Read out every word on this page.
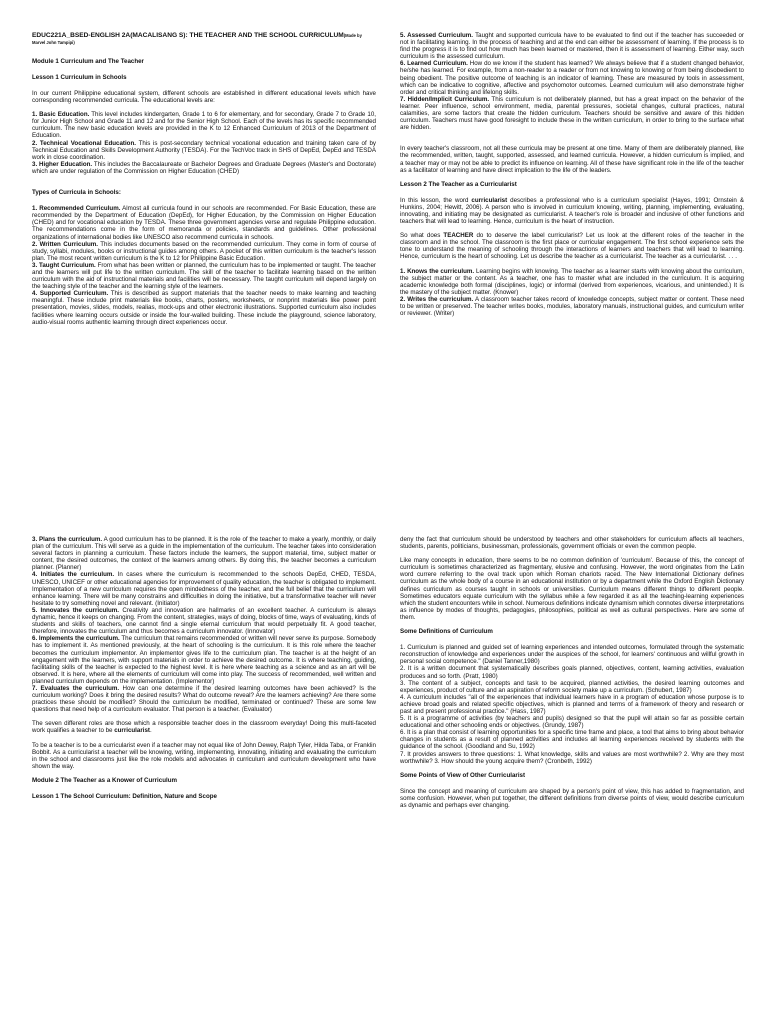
EDUC221A_BSED-ENGLISH 2A(MACALISANG S): THE TEACHER AND THE SCHOOL CURRICULUM(Made by Marvel John Tampipi)
Module 1 Curriculum and The Teacher
Lesson 1 Curriculum in Schools

In our current Philippine educational system, different schools are established in different educational levels which have corresponding recommended curricula. The educational levels are:

1. Basic Education. This level includes kindergarten, Grade 1 to 6 for elementary, and for secondary, Grade 7 to Grade 10, for Junior High School and Grade 11 and 12 and for the Senior High School. Each of the levels has its specific recommended curriculum. The new basic education levels are provided in the K to 12 Enhanced Curriculum of 2013 of the Department of Education.

2. Technical Vocational Education. This is post-secondary technical vocational education and training taken care of by Technical Education and Skills Development Authority (TESDA). For the TechVoc track in SHS of DepEd, DepEd and TESDA work in close coordination.

3. Higher Education. This includes the Baccalaureate or Bachelor Degrees and Graduate Degrees (Master's and Doctorate) which are under regulation of the Commission on Higher Education (CHED)

Types of Curricula in Schools:

1. Recommended Curriculum. Almost all curricula found in our schools are recommended. For Basic Education, these are recommended by the Department of Education (DepEd), for Higher Education, by the Commission on Higher Education (CHED) and for vocational education by TESDA. These three government agencies verse and regulate Philippine education. The recommendations come in the form of memoranda or policies, standards and guidelines. Other professional organizations of international bodies like UNESCO also recommend curricula in schools.

2. Written Curriculum. This includes documents based on the recommended curriculum. They come in form of course of study, syllabi, modules, books or instructional guides among others. A pocket of this written curriculum is the teacher's lesson plan. The most recent written curriculum is the K to 12 for Philippine Basic Education.

3. Taught Curriculum. From what has been written or planned, the curriculum has to be implemented or taught. The teacher and the learners will put life to the written curriculum. The skill of the teacher to facilitate learning based on the written curriculum with the aid of instructional materials and facilities will be necessary. The taught curriculum will depend largely on the teaching style of the teacher and the learning style of the learners.

4. Supported Curriculum. This is described as support materials that the teacher needs to make learning and teaching meaningful. These include print materials like books, charts, posters, worksheets, or nonprint materials like power point presentation, movies, slides, models, realias, mock-ups and other electronic illustrations. Supported curriculum also includes facilities where learning occurs outside or inside the four-walled building. These include the playground, science laboratory, audio-visual rooms authentic learning through direct experiences occur.

5. Assessed Curriculum. Taught and supported curricula have to be evaluated to find out if the teacher has succeeded or not in facilitating learning. In the process of teaching and at the end can either be assessment of learning. If the process is to find the progress it is to find out how much has been learned or mastered, then it is assessment of learning. Either way, such curriculum is the assessed curriculum.

6. Learned Curriculum. How do we know if the student has learned? We always believe that if a student changed behavior, he/she has learned. For example, from a non-reader to a reader or from not knowing to knowing or from being disobedient to being obedient. The positive outcome of teaching is an indicator of learning. These are measured by tools in assessment, which can be indicative to cognitive, affective and psychomotor outcomes. Learned curriculum will also demonstrate higher order and critical thinking and lifelong skills.

7. Hidden/Implicit Curriculum. This curriculum is not deliberately planned, but has a great impact on the behavior of the learner. Peer influence, school environment, media, parental pressures, societal changes, cultural practices, natural calamities, are some factors that create the hidden curriculum. Teachers should be sensitive and aware of this hidden curriculum. Teachers must have good foresight to include these in the written curriculum, in order to bring to the surface what are hidden.

In every teacher's classroom, not all these curricula may be present at one time. Many of them are deliberately planned, like the recommended, written, taught, supported, assessed, and learned curricula. However, a hidden curriculum is implied, and a teacher may or may not be able to predict its influence on learning. All of these have significant role in the life of the teacher as a facilitator of learning and have direct implication to the life of the leaders.

Lesson 2 The Teacher as a Curricularist

In this lesson, the word curricularist describes a professional who is a curriculum specialist (Hayes, 1991; Ornstein & Hunkins, 2004; Hewitt, 2006). A person who is involved in curriculum knowing, writing, planning, implementing, evaluating, innovating, and initiating may be designated as curricularist. A teacher's role is broader and inclusive of other functions and teachers that will lead to learning. Hence, curriculum is the heart of instruction.

So what does TEACHER do to deserve the label curricularist? Let us look at the different roles of the teacher in the classroom and in the school. The classroom is the first place or curricular engagement. The first school experience sets the tone to understand the meaning of schooling through the interactions of learners and teachers that will lead to learning. Hence, curriculum is the heart of schooling. Let us describe the teacher as a curricularist. The teacher as a curricularist. . . .

1. Knows the curriculum. Learning begins with knowing. The teacher as a learner starts with knowing about the curriculum, the subject matter or the content. As a teacher, one has to master what are included in the curriculum. It is acquiring academic knowledge both formal (disciplines, logic) or informal (derived from experiences, vicarious, and unintended.) It is the mastery of the subject matter. (Knower)

2. Writes the curriculum. A classroom teacher takes record of knowledge concepts, subject matter or content. These need to be written or preserved. The teacher writes books, modules, laboratory manuals, instructional guides, and curriculum writer or reviewer. (Writer)

3. Plans the curriculum. A good curriculum has to be planned. It is the role of the teacher to make a yearly, monthly, or daily plan of the curriculum. This will serve as a guide in the implementation of the curriculum. The teacher takes into consideration several factors in planning a curriculum. These factors include the learners, the support material, time, subject matter or content, the desired outcomes, the context of the learners among others. By doing this, the teacher becomes a curriculum planner. (Planner)

4. Initiates the curriculum. In cases where the curriculum is recommended to the schools DepEd, CHED, TESDA, UNESCO, UNICEF or other educational agencies for improvement of quality education, the teacher is obligated to implement. Implementation of a new curriculum requires the open mindedness of the teacher, and the full belief that the curriculum will enhance learning. There will be many constrains and difficulties in doing the initiative, but a transformative teacher will never hesitate to try something novel and relevant. (Initiator)

5. Innovates the curriculum. Creativity and innovation are hallmarks of an excellent teacher. A curriculum is always dynamic, hence it keeps on changing. From the content, strategies, ways of doing, blocks of time, ways of evaluating, kinds of students and skills of teachers, one cannot find a single eternal curriculum that would perpetually fit. A good teacher, therefore, innovates the curriculum and thus becomes a curriculum innovator. (Innovator)

6. Implements the curriculum. The curriculum that remains recommended or written will never serve its purpose. Somebody has to implement it. As mentioned previously, at the heart of schooling is the curriculum. It is this role where the teacher becomes the curriculum implementor. An implementor gives life to the curriculum plan. The teacher is at the height of an engagement with the learners, with support materials in order to achieve the desired outcome. It is where teaching, guiding, facilitating skills of the teacher is expected to the highest level. It is here where teaching as a science and as an art will be observed. It is here, where all the elements of curriculum will come into play. The success of recommended, well written and planned curriculum depends on the implementation. (Implementor)

7. Evaluates the curriculum. How can one determine if the desired learning outcomes have been achieved? Is the curriculum working? Does it bring the desired results? What do outcome reveal? Are the learners achieving? Are there some practices these should be modified? Should the curriculum be modified, terminated or continued? These are some few questions that need help of a curriculum evaluator. That person is a teacher. (Evaluator)

The seven different roles are those which a responsible teacher does in the classroom everyday! Doing this multi-faceted work qualifies a teacher to be curricularist.

To be a teacher is to be a curricularist even if a teacher may not equal like of John Dewey, Ralph Tyler, Hilda Taba, or Franklin Bobbit. As a curricularist a teacher will be knowing, writing, implementing, innovating, initiating and evaluating the curriculum in the school and classrooms just like the role models and advocates in curriculum and curriculum development who have shown the way.

Module 2 The Teacher as a Knower of Curriculum
Lesson 1 The School Curriculum: Definition, Nature and Scope

deny the fact that curriculum should be understood by teachers and other stakeholders for curriculum affects all teachers, students, parents, politicians, businessman, professionals, government officials or even the common people.

Like many concepts in education, there seems to be no common definition of 'curriculum'. Because of this, the concept of curriculum is sometimes characterized as fragmentary, elusive and confusing. However, the word originates from the Latin word currere referring to the oval track upon which Roman chariots raced. The New International Dictionary defines curriculum as the whole body of a course in an educational institution or by a department while the Oxford English Dictionary defines curriculum as courses taught in schools or universities. Curriculum means different things to different people. Sometimes educators equate curriculum with the syllabus while a few regarded it as all the teaching-learning experiences which the student encounters while in school. Numerous definitions indicate dynamism which connotes diverse interpretations as influence by modes of thoughts, pedagogies, philosophies, political as well as cultural perspectives. Here are some of them.

Some Definitions of Curriculum

1. Curriculum is planned and guided set of learning experiences and intended outcomes, formulated through the systematic reconstruction of knowledge and experiences under the auspices of the school, for learners' continuous and willful growth in personal social competence." (Daniel Tanner,1980)

2. It is a written document that systematically describes goals planned, objectives, content, learning activities, evaluation produces and so forth. (Pratt, 1980)

3. The content of a subject, concepts and task to be acquired, planned activities, the desired learning outcomes and experiences, product of culture and an aspiration of reform society make up a curriculum. (Schubert, 1987)

4. A curriculum includes "all of the experiences that individual learners have in a program of education whose purpose is to achieve broad goals and related specific objectives, which is planned and terms of a framework of theory and research or past and present professional practice." (Hass, 1987)

5. It is a programme of activities (by teachers and pupils) designed so that the pupil will attain so far as possible certain educational and other schooling ends or objectives. (Grundy, 1987)

6. It is a plan that consist of learning opportunities for a specific time frame and place, a tool that aims to bring about behavior changes in students as a result of planned activities and includes all learning experiences received by students with the guidance of the school. (Goodland and Su, 1992)

7. It provides answers to three questions: 1. What knowledge, skills and values are most worthwhile? 2. Why are they most worthwhile? 3. How should the young acquire them? (Cronbeth, 1992)

Some Points of View of Other Curricularist

Since the concept and meaning of curriculum are shaped by a person's point of view, this has added to fragmentation, and some confusion. However, when put together, the different definitions from diverse points of view, would describe curriculum as dynamic and perhaps ever changing.
